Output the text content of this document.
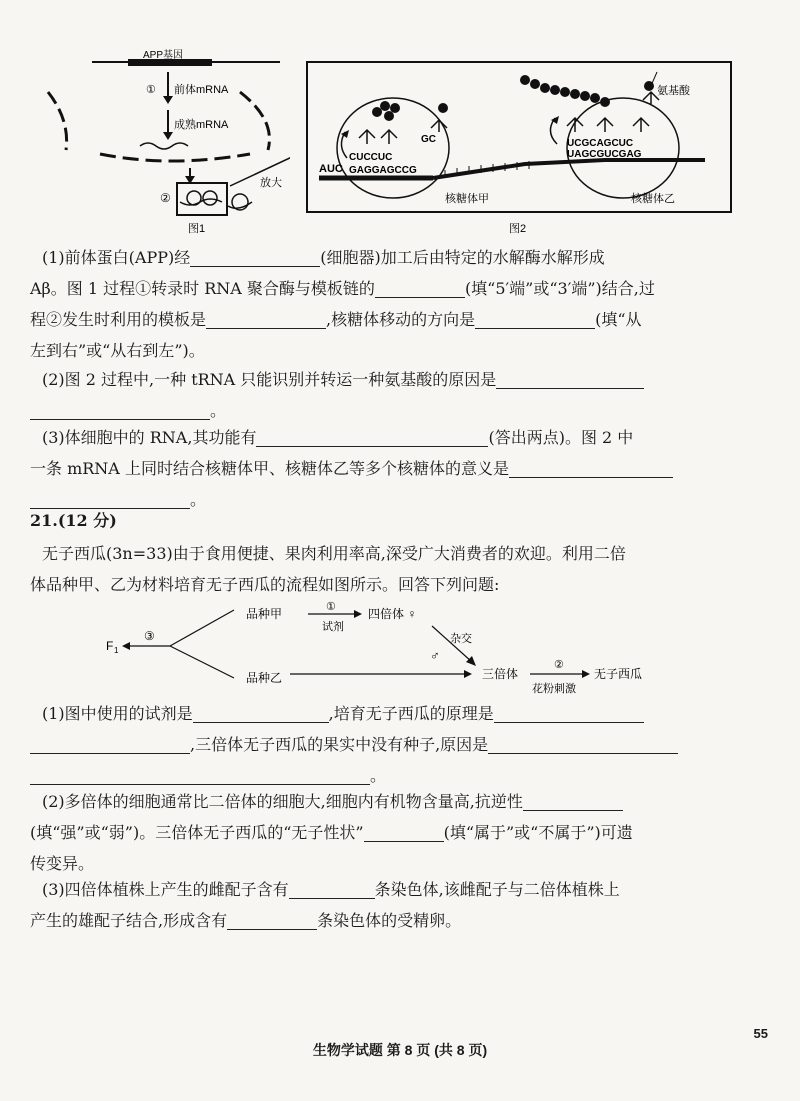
APP基因
① 前体mRNA
成熟mRNA
②
放大
图1
AUC
CUCCUC
GAGGAGCCG
GC	UCGCAGCUC
UAGCGUCGAG
氨基酸
核糖体甲	核糖体乙
图2
(1)前体蛋白(APP)经	(细胞器)加工后由特定的水解酶水解形成
Aβ。图 1 过程①转录时 RNA 聚合酶与模板链的	(填“5′端”或“3′端”)结合,过
程②发生时利用的模板是	,核糖体移动的方向是	(填“从
左到右”或“从右到左”)。
(2)图 2 过程中,一种 tRNA 只能识别并转运一种氨基酸的原因是
。
(3)体细胞中的 RNA,其功能有	(答出两点)。图 2 中
一条 mRNA 上同时结合核糖体甲、核糖体乙等多个核糖体的意义是
。
21.(12 分)
无子西瓜(3n=33)由于食用便捷、果肉利用率高,深受广大消费者的欢迎。利用二倍
体品种甲、乙为材料培育无子西瓜的流程如图所示。回答下列问题:
F 1
③
品种甲	①
试剂
四倍体 ♀
杂交
♂
品种乙	三倍体
②
花粉刺激
无子西瓜
(1)图中使用的试剂是	,培育无子西瓜的原理是
,三倍体无子西瓜的果实中没有种子,原因是
。
(2)多倍体的细胞通常比二倍体的细胞大,细胞内有机物含量高,抗逆性
(填“强”或“弱”)。三倍体无子西瓜的“无子性状”	(填“属于”或“不属于”)可遗
传变异。
(3)四倍体植株上产生的雌配子含有	条染色体,该雌配子与二倍体植株上
产生的雄配子结合,形成含有	条染色体的受精卵。
生物学试题 第 8 页 (共 8 页)
55
